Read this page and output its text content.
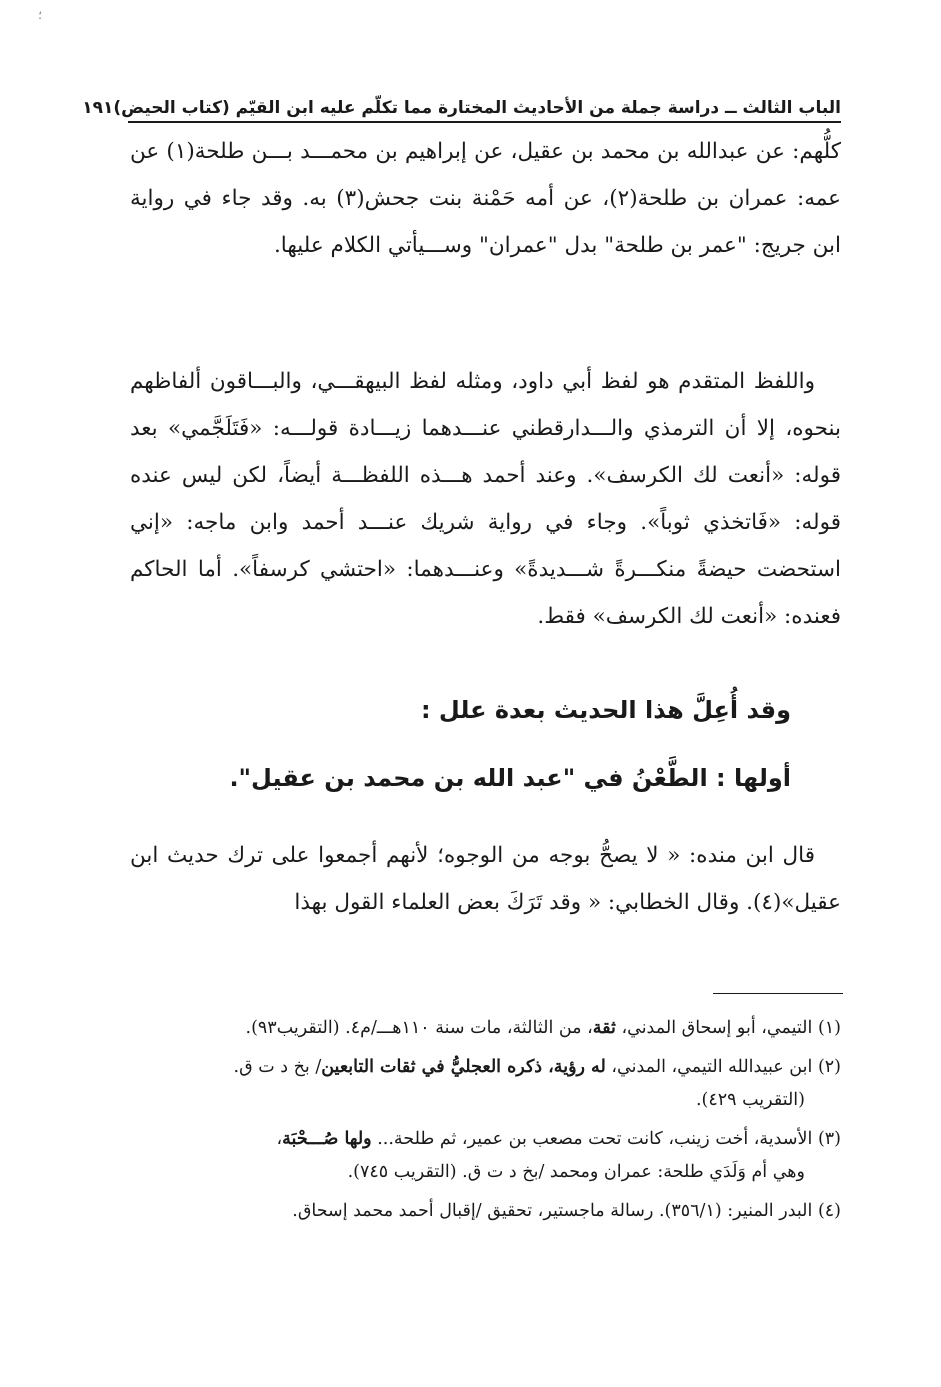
؛
الباب الثالث ــ دراسة جملة من الأحاديث المختارة مما تكلّم عليه ابن القيّم (كتاب الحيض)
١٩١

كلُّهم: عن عبدالله بن محمد بن عقيل، عن إبراهيم بن محمـــد بـــن طلحة(١) عن عمه: عمران بن طلحة(٢)، عن أمه حَمْنة بنت جحش(٣) به. وقد جاء في رواية ابن جريج: "عمر بن طلحة" بدل "عمران" وســـيأتي الكلام عليها.

واللفظ المتقدم هو لفظ أبي داود، ومثله لفظ البيهقـــي، والبـــاقون ألفاظهم بنحوه، إلا أن الترمذي والـــدارقطني عنـــدهما زيـــادة قولـــه: «فَتَلَجَّمي» بعد قوله: «أنعت لك الكرسف». وعند أحمد هـــذه اللفظـــة أيضاً، لكن ليس عنده قوله: «فَاتخذي ثوباً». وجاء في رواية شريك عنـــد أحمد وابن ماجه: «إني استحضت حيضةً منكـــرةً شـــديدةً» وعنـــدهما: «احتشي كرسفاً». أما الحاكم فعنده: «أنعت لك الكرسف» فقط.

وقد أُعِلَّ هذا الحديث بعدة علل :
أولها : الطَّعْنُ في "عبد الله بن محمد بن عقيل".

قال ابن منده: « لا يصحُّ بوجه من الوجوه؛ لأنهم أجمعوا على ترك حديث ابن عقيل»(٤). وقال الخطابي: « وقد تَرَكَ بعض العلماء القول بهذا

(١) التيمي، أبو إسحاق المدني، ثقة، من الثالثة، مات سنة ١١٠هـــ/م٤. (التقريب٩٣).
(٢) ابن عبيدالله التيمي، المدني، له رؤية، ذكره العجليُّ في ثقات التابعين/ بخ د ت ق.
(التقريب ٤٢٩).
(٣) الأسدية، أخت زينب، كانت تحت مصعب بن عمير، ثم طلحة... ولها صُـــحْبَة،
وهي أم وَلَدَي طلحة: عمران ومحمد /بخ د ت ق. (التقريب ٧٤٥).
(٤) البدر المنير: (٣٥٦/١). رسالة ماجستير، تحقيق /إقبال أحمد محمد إسحاق.
